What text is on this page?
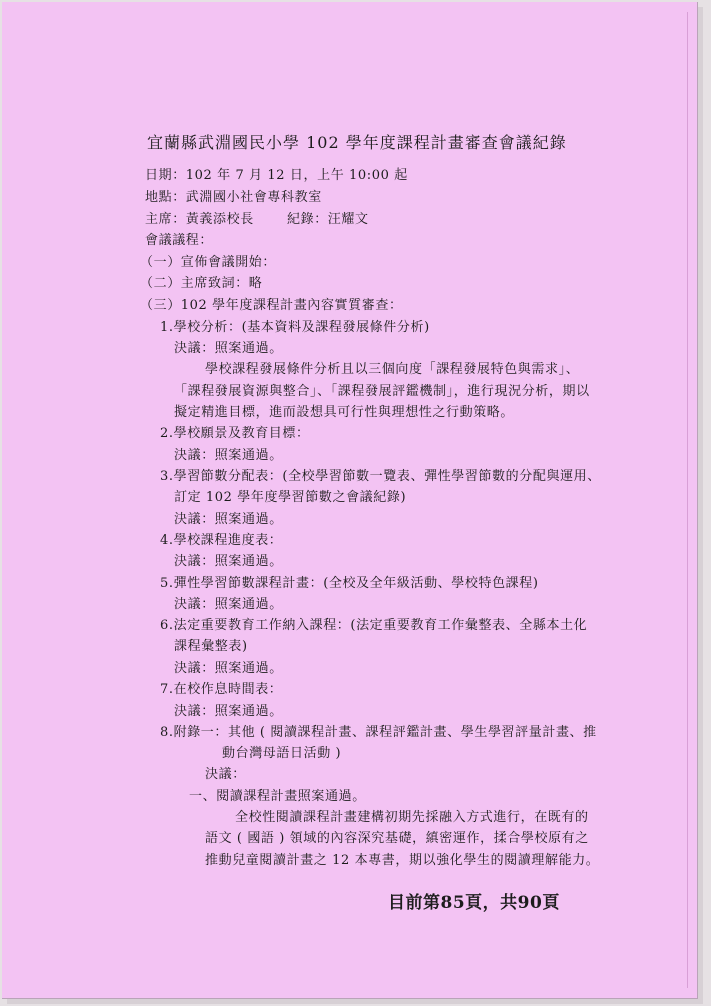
宜蘭縣武淵國民小學 102 學年度課程計畫審查會議紀錄
日期：102 年 7 月 12 日，上午 10:00 起
地點：武淵國小社會專科教室
主席：黃義添校長	紀錄：汪耀文
會議議程：
（一）宣佈會議開始：
（二）主席致詞：略
（三）102 學年度課程計畫內容實質審查：
1.學校分析：(基本資料及課程發展條件分析)
決議：照案通過。
學校課程發展條件分析且以三個向度「課程發展特色與需求」、
「課程發展資源與整合」、「課程發展評鑑機制」，進行現況分析，期以
擬定精進目標，進而設想具可行性與理想性之行動策略。
2.學校願景及教育目標：
決議：照案通過。
3.學習節數分配表：(全校學習節數一覽表、彈性學習節數的分配與運用、
訂定 102 學年度學習節數之會議紀錄)
決議：照案通過。
4.學校課程進度表：
決議：照案通過。
5.彈性學習節數課程計畫：(全校及全年級活動、學校特色課程)
決議：照案通過。
6.法定重要教育工作納入課程：(法定重要教育工作彙整表、全縣本土化
課程彙整表)
決議：照案通過。
7.在校作息時間表：
決議：照案通過。
8.附錄一：其他 ( 閱讀課程計畫、課程評鑑計畫、學生學習評量計畫、推
動台灣母語日活動 )
決議：
一、閱讀課程計畫照案通過。
全校性閱讀課程計畫建構初期先採融入方式進行，在既有的
語文 ( 國語 ) 領域的內容深究基礎，縝密運作，揉合學校原有之
推動兒童閱讀計畫之 12 本專書，期以強化學生的閱讀理解能力。
目前第85頁，共90頁
